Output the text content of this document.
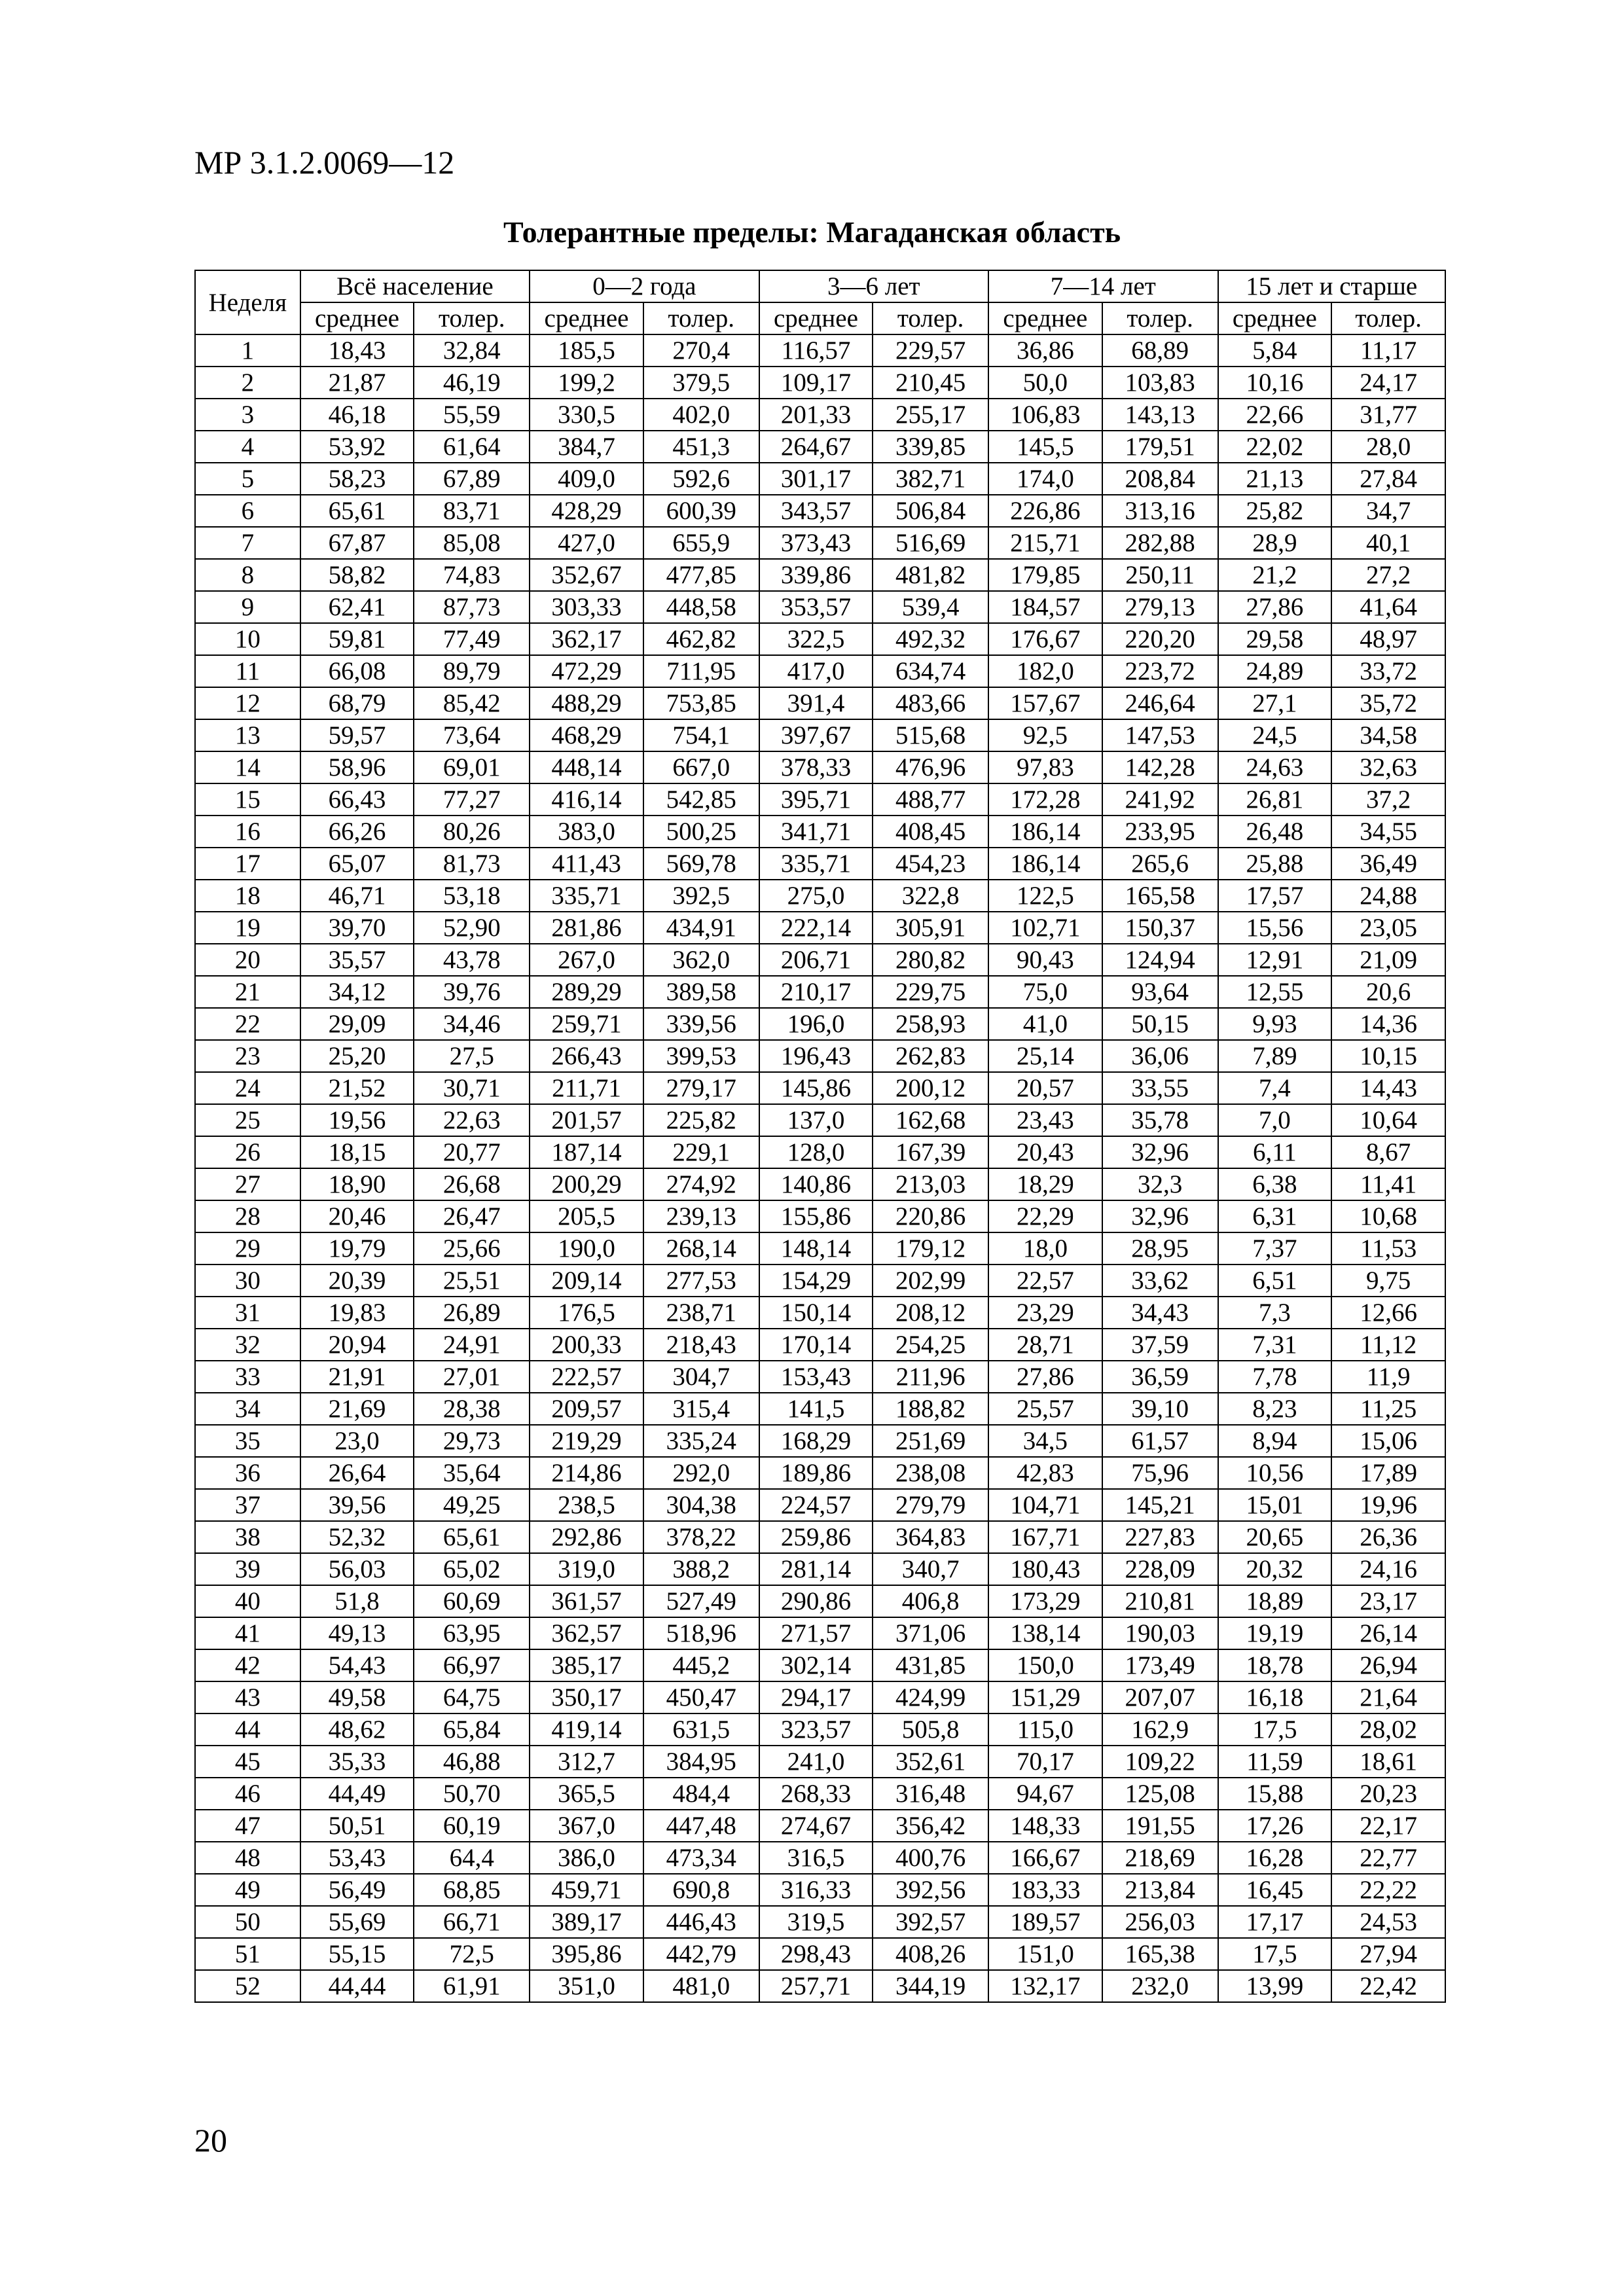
МР 3.1.2.0069—12
Толерантные пределы: Магаданская область
Неделя	Всё население		0—2 года		3—6 лет		7—14 лет		15 лет и старше	
	среднее	толер.	среднее	толер.	среднее	толер.	среднее	толер.	среднее	толер.
1	18,43	32,84	185,5	270,4	116,57	229,57	36,86	68,89	5,84	11,17
2	21,87	46,19	199,2	379,5	109,17	210,45	50,0	103,83	10,16	24,17
3	46,18	55,59	330,5	402,0	201,33	255,17	106,83	143,13	22,66	31,77
4	53,92	61,64	384,7	451,3	264,67	339,85	145,5	179,51	22,02	28,0
5	58,23	67,89	409,0	592,6	301,17	382,71	174,0	208,84	21,13	27,84
6	65,61	83,71	428,29	600,39	343,57	506,84	226,86	313,16	25,82	34,7
7	67,87	85,08	427,0	655,9	373,43	516,69	215,71	282,88	28,9	40,1
8	58,82	74,83	352,67	477,85	339,86	481,82	179,85	250,11	21,2	27,2
9	62,41	87,73	303,33	448,58	353,57	539,4	184,57	279,13	27,86	41,64
10	59,81	77,49	362,17	462,82	322,5	492,32	176,67	220,20	29,58	48,97
11	66,08	89,79	472,29	711,95	417,0	634,74	182,0	223,72	24,89	33,72
12	68,79	85,42	488,29	753,85	391,4	483,66	157,67	246,64	27,1	35,72
13	59,57	73,64	468,29	754,1	397,67	515,68	92,5	147,53	24,5	34,58
14	58,96	69,01	448,14	667,0	378,33	476,96	97,83	142,28	24,63	32,63
15	66,43	77,27	416,14	542,85	395,71	488,77	172,28	241,92	26,81	37,2
16	66,26	80,26	383,0	500,25	341,71	408,45	186,14	233,95	26,48	34,55
17	65,07	81,73	411,43	569,78	335,71	454,23	186,14	265,6	25,88	36,49
18	46,71	53,18	335,71	392,5	275,0	322,8	122,5	165,58	17,57	24,88
19	39,70	52,90	281,86	434,91	222,14	305,91	102,71	150,37	15,56	23,05
20	35,57	43,78	267,0	362,0	206,71	280,82	90,43	124,94	12,91	21,09
21	34,12	39,76	289,29	389,58	210,17	229,75	75,0	93,64	12,55	20,6
22	29,09	34,46	259,71	339,56	196,0	258,93	41,0	50,15	9,93	14,36
23	25,20	27,5	266,43	399,53	196,43	262,83	25,14	36,06	7,89	10,15
24	21,52	30,71	211,71	279,17	145,86	200,12	20,57	33,55	7,4	14,43
25	19,56	22,63	201,57	225,82	137,0	162,68	23,43	35,78	7,0	10,64
26	18,15	20,77	187,14	229,1	128,0	167,39	20,43	32,96	6,11	8,67
27	18,90	26,68	200,29	274,92	140,86	213,03	18,29	32,3	6,38	11,41
28	20,46	26,47	205,5	239,13	155,86	220,86	22,29	32,96	6,31	10,68
29	19,79	25,66	190,0	268,14	148,14	179,12	18,0	28,95	7,37	11,53
30	20,39	25,51	209,14	277,53	154,29	202,99	22,57	33,62	6,51	9,75
31	19,83	26,89	176,5	238,71	150,14	208,12	23,29	34,43	7,3	12,66
32	20,94	24,91	200,33	218,43	170,14	254,25	28,71	37,59	7,31	11,12
33	21,91	27,01	222,57	304,7	153,43	211,96	27,86	36,59	7,78	11,9
34	21,69	28,38	209,57	315,4	141,5	188,82	25,57	39,10	8,23	11,25
35	23,0	29,73	219,29	335,24	168,29	251,69	34,5	61,57	8,94	15,06
36	26,64	35,64	214,86	292,0	189,86	238,08	42,83	75,96	10,56	17,89
37	39,56	49,25	238,5	304,38	224,57	279,79	104,71	145,21	15,01	19,96
38	52,32	65,61	292,86	378,22	259,86	364,83	167,71	227,83	20,65	26,36
39	56,03	65,02	319,0	388,2	281,14	340,7	180,43	228,09	20,32	24,16
40	51,8	60,69	361,57	527,49	290,86	406,8	173,29	210,81	18,89	23,17
41	49,13	63,95	362,57	518,96	271,57	371,06	138,14	190,03	19,19	26,14
42	54,43	66,97	385,17	445,2	302,14	431,85	150,0	173,49	18,78	26,94
43	49,58	64,75	350,17	450,47	294,17	424,99	151,29	207,07	16,18	21,64
44	48,62	65,84	419,14	631,5	323,57	505,8	115,0	162,9	17,5	28,02
45	35,33	46,88	312,7	384,95	241,0	352,61	70,17	109,22	11,59	18,61
46	44,49	50,70	365,5	484,4	268,33	316,48	94,67	125,08	15,88	20,23
47	50,51	60,19	367,0	447,48	274,67	356,42	148,33	191,55	17,26	22,17
48	53,43	64,4	386,0	473,34	316,5	400,76	166,67	218,69	16,28	22,77
49	56,49	68,85	459,71	690,8	316,33	392,56	183,33	213,84	16,45	22,22
50	55,69	66,71	389,17	446,43	319,5	392,57	189,57	256,03	17,17	24,53
51	55,15	72,5	395,86	442,79	298,43	408,26	151,0	165,38	17,5	27,94
52	44,44	61,91	351,0	481,0	257,71	344,19	132,17	232,0	13,99	22,42
20
